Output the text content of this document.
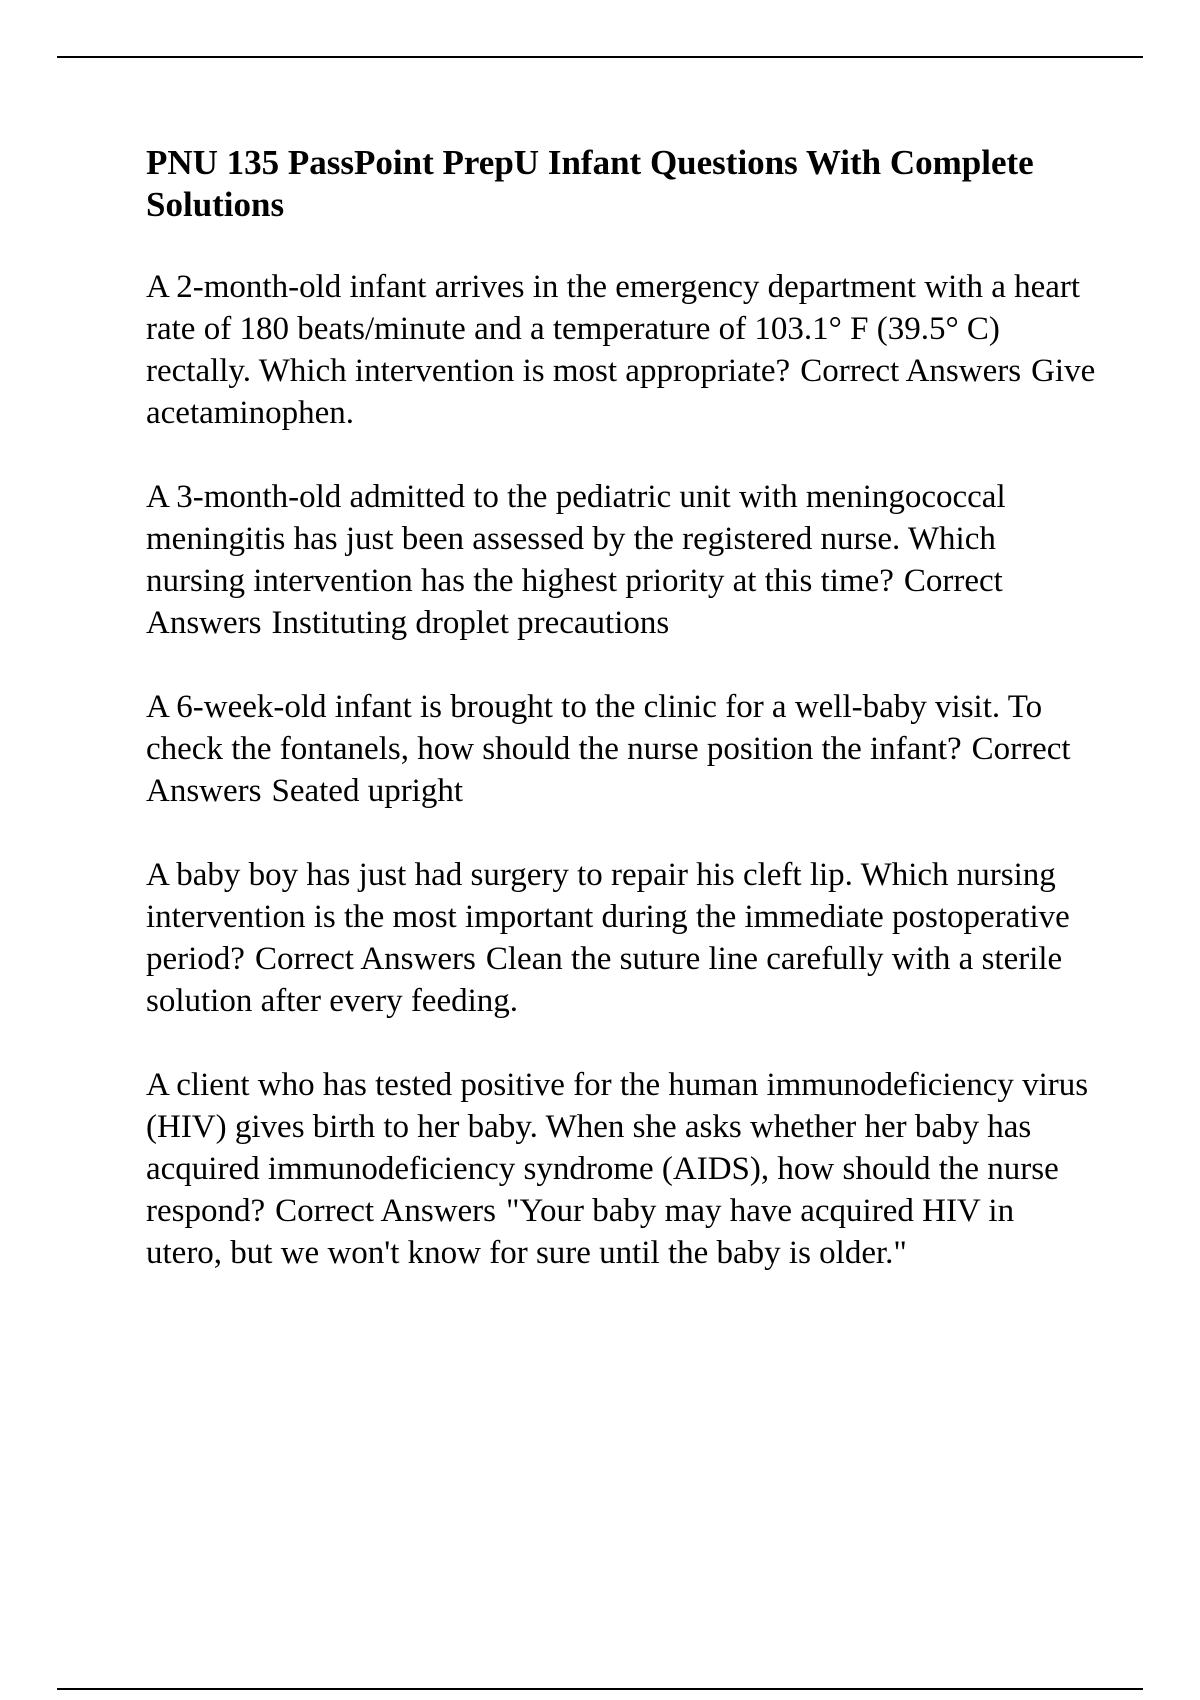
PNU 135 PassPoint PrepU Infant Questions With Complete Solutions

A 2-month-old infant arrives in the emergency department with a heart rate of 180 beats/minute and a temperature of 103.1° F (39.5° C) rectally. Which intervention is most appropriate? Correct Answers Give acetaminophen.

A 3-month-old admitted to the pediatric unit with meningococcal meningitis has just been assessed by the registered nurse. Which nursing intervention has the highest priority at this time? Correct Answers Instituting droplet precautions

A 6-week-old infant is brought to the clinic for a well-baby visit. To check the fontanels, how should the nurse position the infant? Correct Answers Seated upright

A baby boy has just had surgery to repair his cleft lip. Which nursing intervention is the most important during the immediate postoperative period? Correct Answers Clean the suture line carefully with a sterile solution after every feeding.

A client who has tested positive for the human immunodeficiency virus (HIV) gives birth to her baby. When she asks whether her baby has acquired immunodeficiency syndrome (AIDS), how should the nurse respond? Correct Answers "Your baby may have acquired HIV in utero, but we won't know for sure until the baby is older."
